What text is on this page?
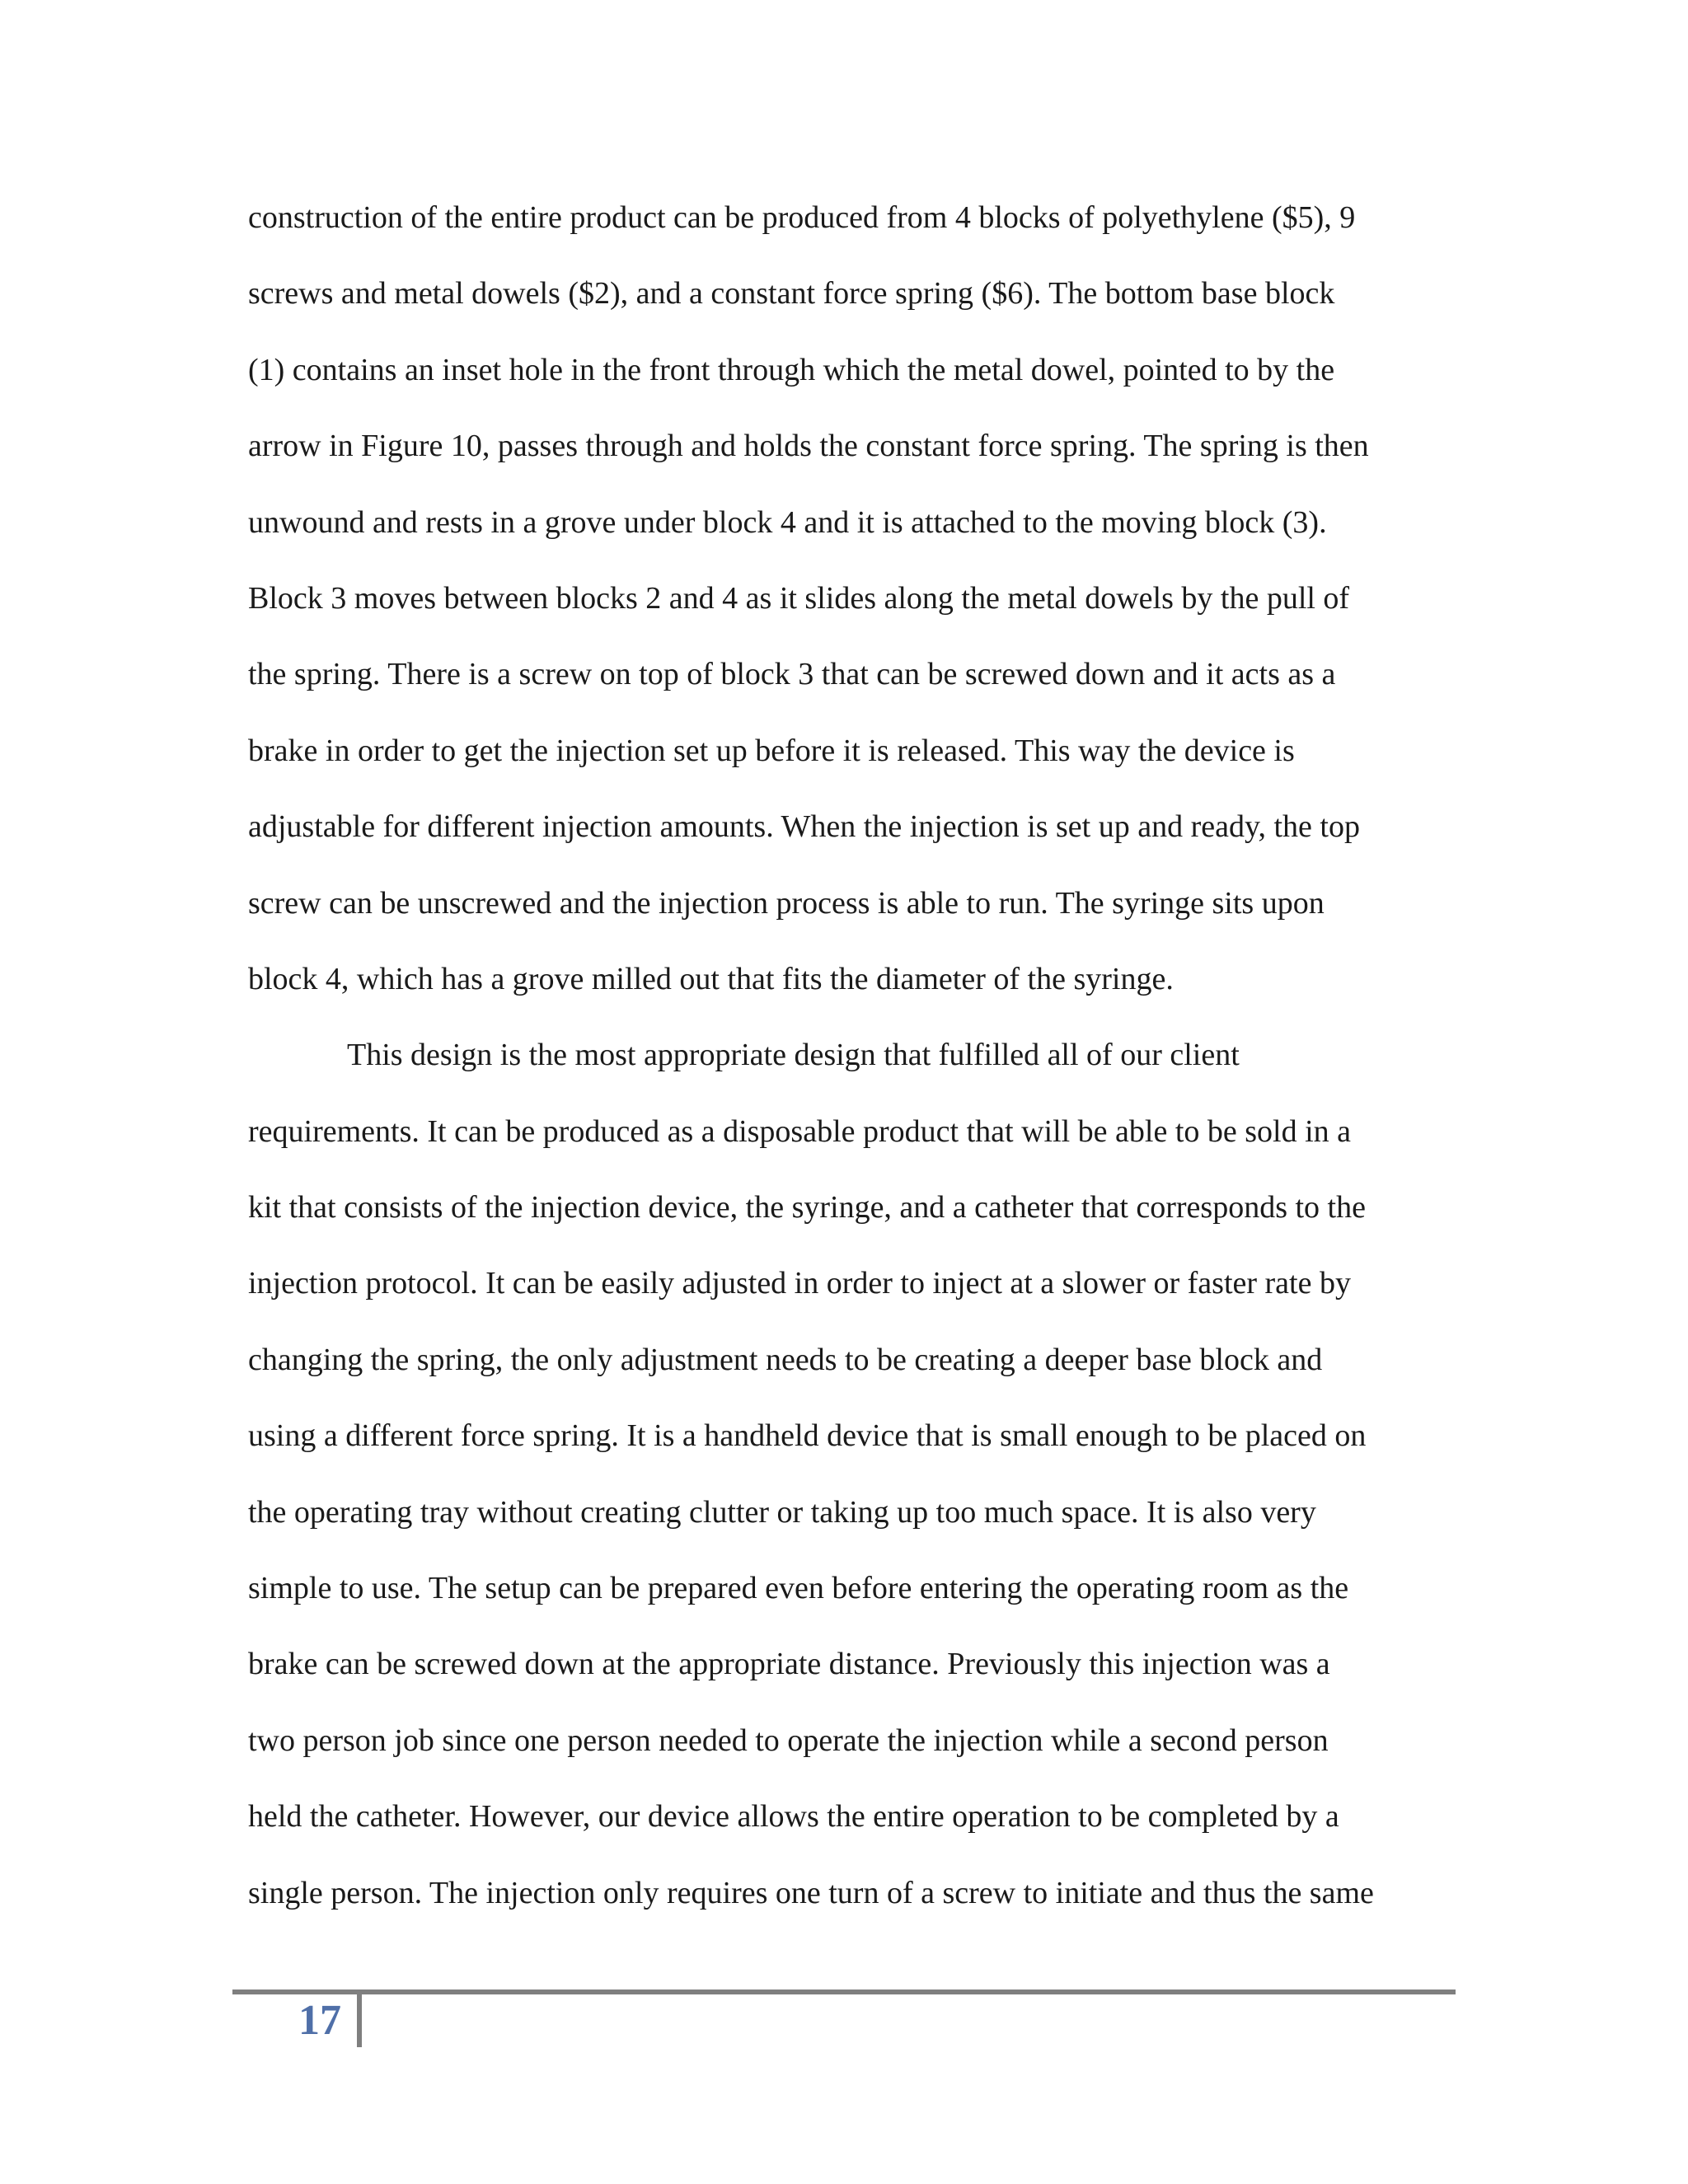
construction of the entire product can be produced from 4 blocks of polyethylene ($5), 9
screws and metal dowels ($2), and a constant force spring ($6). The bottom base block
(1) contains an inset hole in the front through which the metal dowel, pointed to by the
arrow in Figure 10, passes through and holds the constant force spring. The spring is then
unwound and rests in a grove under block 4 and it is attached to the moving block (3).
Block 3 moves between blocks 2 and 4 as it slides along the metal dowels by the pull of
the spring. There is a screw on top of block 3 that can be screwed down and it acts as a
brake in order to get the injection set up before it is released. This way the device is
adjustable for different injection amounts. When the injection is set up and ready, the top
screw can be unscrewed and the injection process is able to run. The syringe sits upon
block 4, which has a grove milled out that fits the diameter of the syringe.
This design is the most appropriate design that fulfilled all of our client
requirements. It can be produced as a disposable product that will be able to be sold in a
kit that consists of the injection device, the syringe, and a catheter that corresponds to the
injection protocol. It can be easily adjusted in order to inject at a slower or faster rate by
changing the spring, the only adjustment needs to be creating a deeper base block and
using a different force spring. It is a handheld device that is small enough to be placed on
the operating tray without creating clutter or taking up too much space. It is also very
simple to use. The setup can be prepared even before entering the operating room as the
brake can be screwed down at the appropriate distance. Previously this injection was a
two person job since one person needed to operate the injection while a second person
held the catheter. However, our device allows the entire operation to be completed by a
single person. The injection only requires one turn of a screw to initiate and thus the same
17
